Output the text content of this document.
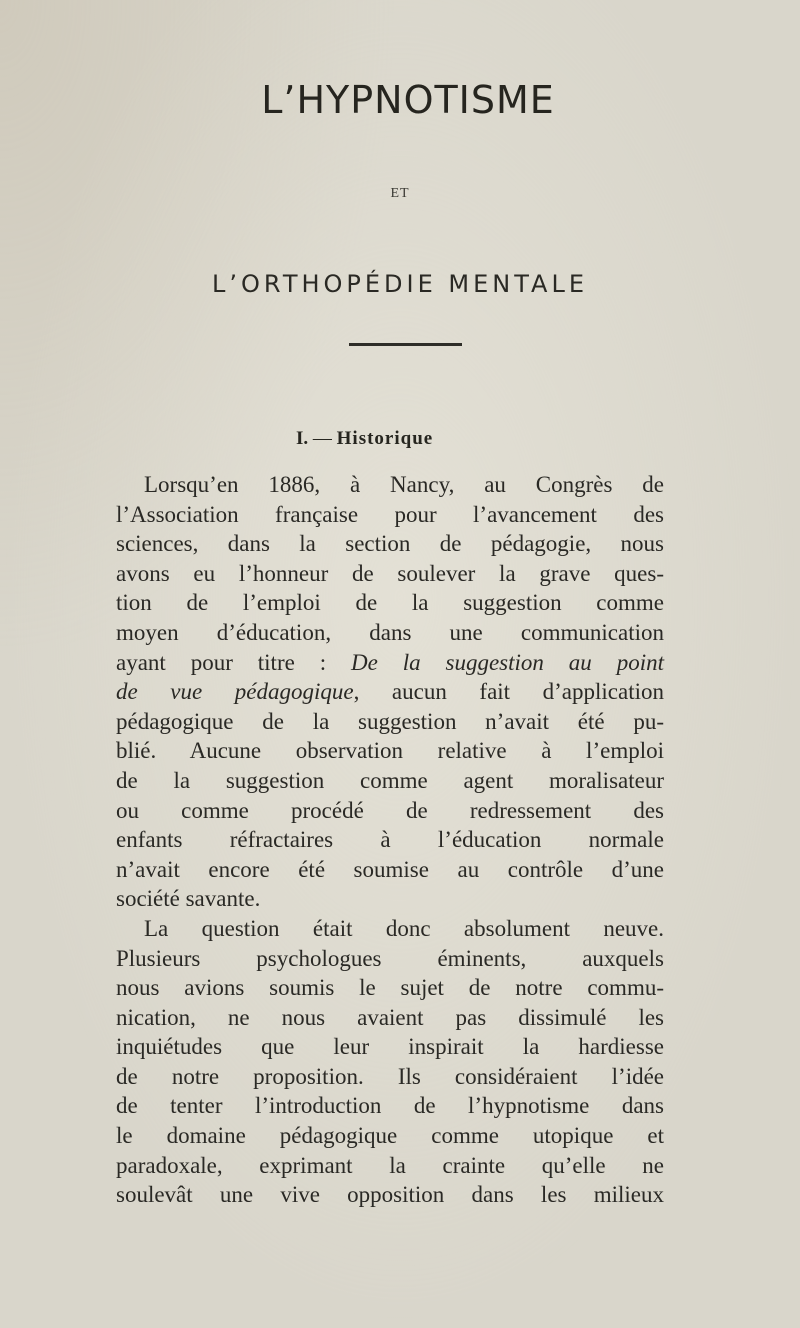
L’HYPNOTISME
ET
L’ORTHOPÉDIE MENTALE
I. — Historique
Lorsqu’en 1886, à Nancy, au Congrès de
l’Association française pour l’avancement des
sciences, dans la section de pédagogie, nous
avons eu l’honneur de soulever la grave ques-
tion de l’emploi de la suggestion comme
moyen d’éducation, dans une communication
ayant pour titre : De la suggestion au point
de vue pédagogique, aucun fait d’application
pédagogique de la suggestion n’avait été pu-
blié. Aucune observation relative à l’emploi
de la suggestion comme agent moralisateur
ou comme procédé de redressement des
enfants réfractaires à l’éducation normale
n’avait encore été soumise au contrôle d’une
société savante.
La question était donc absolument neuve.
Plusieurs psychologues éminents, auxquels
nous avions soumis le sujet de notre commu-
nication, ne nous avaient pas dissimulé les
inquiétudes que leur inspirait la hardiesse
de notre proposition. Ils considéraient l’idée
de tenter l’introduction de l’hypnotisme dans
le domaine pédagogique comme utopique et
paradoxale, exprimant la crainte qu’elle ne
soulevât une vive opposition dans les milieux
